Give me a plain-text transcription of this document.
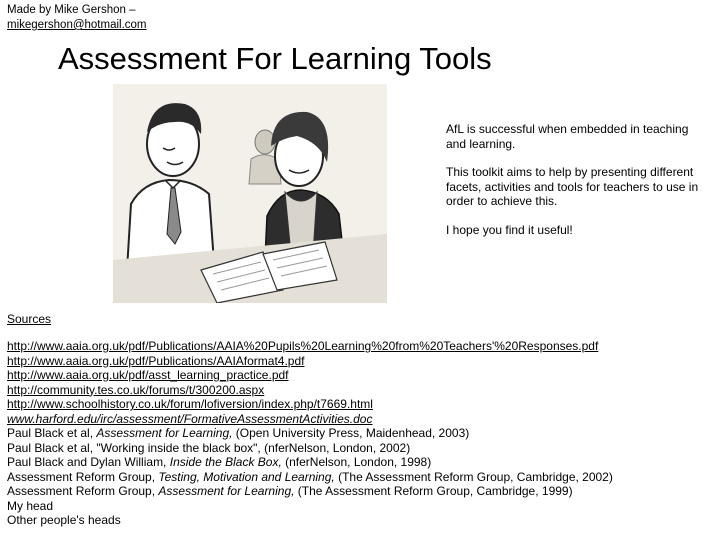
Made by Mike Gershon –
mikegershon@hotmail.com
Assessment For Learning Tools

AfL is successful when embedded in teaching and learning.

This toolkit aims to help by presenting different facets, activities and tools for teachers to use in order to achieve this.

I hope you find it useful!

Sources
http://www.aaia.org.uk/pdf/Publications/AAIA%20Pupils%20Learning%20from%20Teachers'%20Responses.pdf
http://www.aaia.org.uk/pdf/Publications/AAIAformat4.pdf
http://www.aaia.org.uk/pdf/asst_learning_practice.pdf
http://community.tes.co.uk/forums/t/300200.aspx
http://www.schoolhistory.co.uk/forum/lofiversion/index.php/t7669.html
www.harford.edu/irc/assessment/FormativeAssessmentActivities.doc
Paul Black et al, Assessment for Learning, (Open University Press, Maidenhead, 2003)
Paul Black et al, "Working inside the black box", (nferNelson, London, 2002)
Paul Black and Dylan William, Inside the Black Box, (nferNelson, London, 1998)
Assessment Reform Group, Testing, Motivation and Learning, (The Assessment Reform Group, Cambridge, 2002)
Assessment Reform Group, Assessment for Learning, (The Assessment Reform Group, Cambridge, 1999)
My head
Other people's heads
